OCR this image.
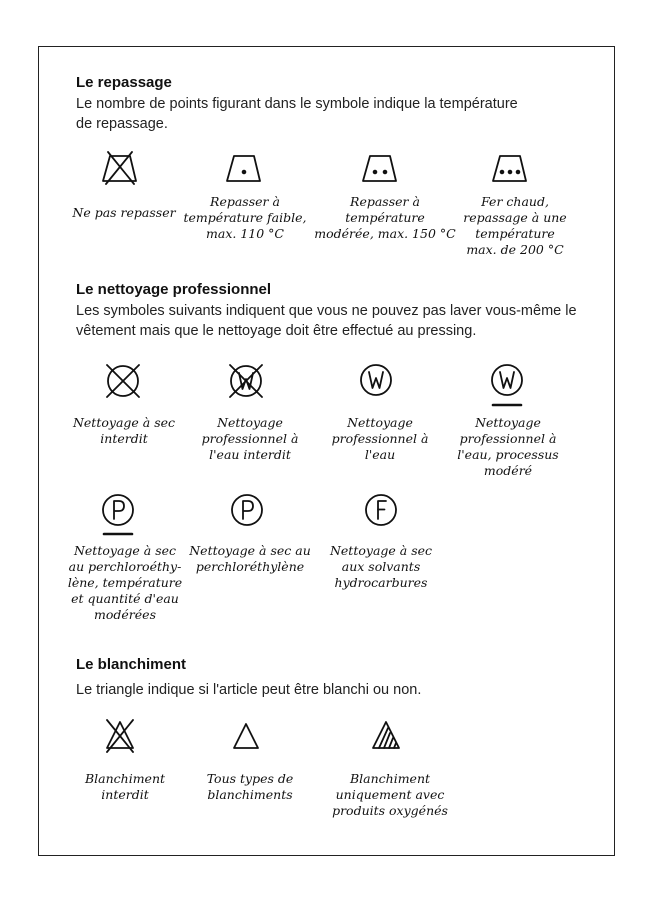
Le repassage
Le nombre de points figurant dans le symbole indique la température
de repassage.
Ne pas repasser
Repasser à
température faible,
max. 110 °C
Repasser à
température
modérée, max. 150 °C
Fer chaud,
repassage à une
température
max. de 200 °C
Le nettoyage professionnel
Les symboles suivants indiquent que vous ne pouvez pas laver vous-même le
vêtement mais que le nettoyage doit être effectué au pressing.
Nettoyage à sec
interdit
Nettoyage
professionnel à
l'eau interdit
Nettoyage
professionnel à
l'eau
Nettoyage
professionnel à
l'eau, processus
modéré
Nettoyage à sec
au perchloroéthy-
lène, température
et quantité d'eau
modérées
Nettoyage à sec au
perchloréthylène
Nettoyage à sec
aux solvants
hydrocarbures
Le blanchiment
Le triangle indique si l'article peut être blanchi ou non.
Blanchiment
interdit
Tous types de
blanchiments
Blanchiment
uniquement avec
produits oxygénés
